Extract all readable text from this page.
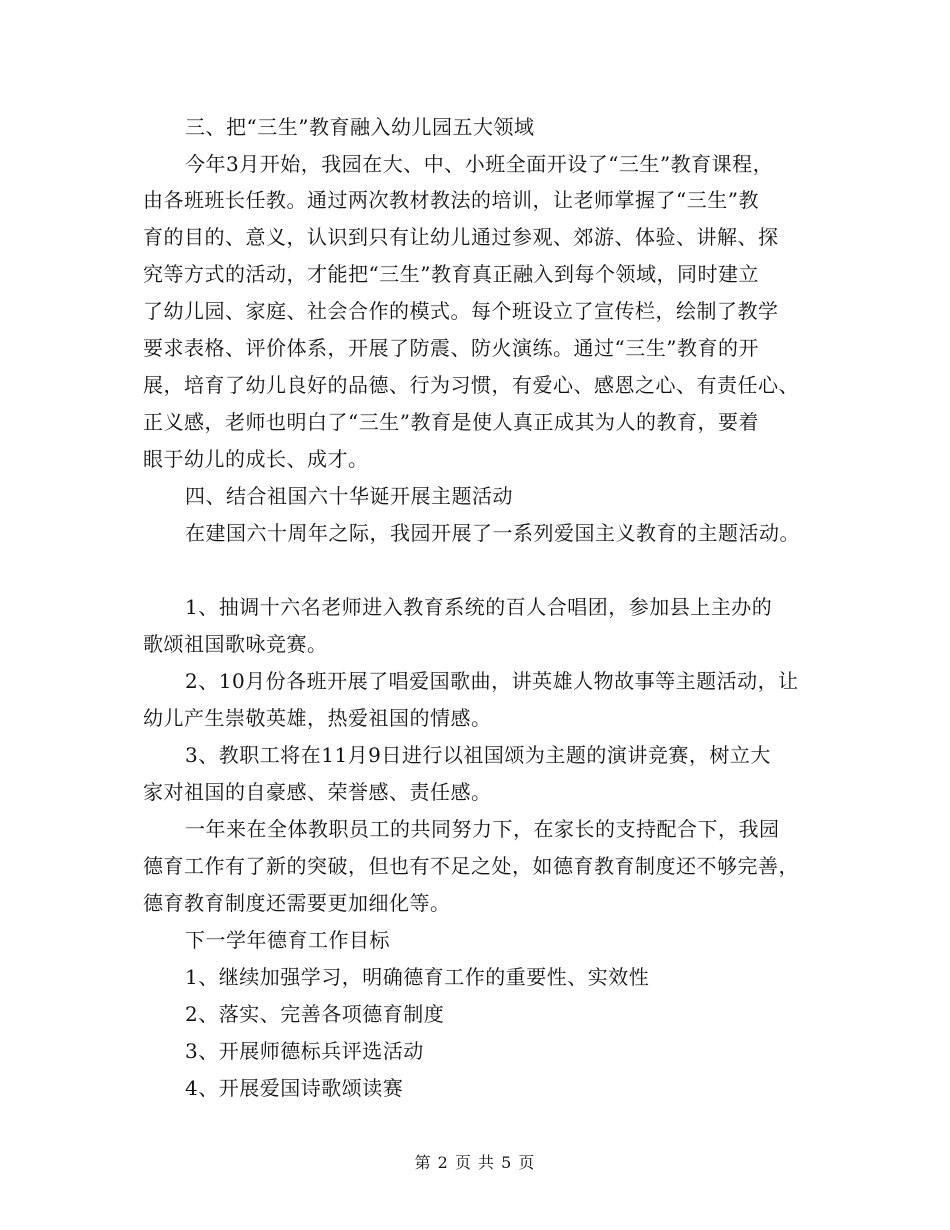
三、把“三生”教育融入幼儿园五大领域
今年3月开始，我园在大、中、小班全面开设了“三生”教育课程，
由各班班长任教。通过两次教材教法的培训，让老师掌握了“三生”教
育的目的、意义，认识到只有让幼儿通过参观、郊游、体验、讲解、探
究等方式的活动，才能把“三生”教育真正融入到每个领域，同时建立
了幼儿园、家庭、社会合作的模式。每个班设立了宣传栏，绘制了教学
要求表格、评价体系，开展了防震、防火演练。通过“三生”教育的开
展，培育了幼儿良好的品德、行为习惯，有爱心、感恩之心、有责任心、
正义感，老师也明白了“三生”教育是使人真正成其为人的教育，要着
眼于幼儿的成长、成才。
四、结合祖国六十华诞开展主题活动
在建国六十周年之际，我园开展了一系列爱国主义教育的主题活动。
1、抽调十六名老师进入教育系统的百人合唱团，参加县上主办的
歌颂祖国歌咏竞赛。
2、10月份各班开展了唱爱国歌曲，讲英雄人物故事等主题活动，让
幼儿产生崇敬英雄，热爱祖国的情感。
3、教职工将在11月9日进行以祖国颂为主题的演讲竞赛，树立大
家对祖国的自豪感、荣誉感、责任感。
一年来在全体教职员工的共同努力下，在家长的支持配合下，我园
德育工作有了新的突破，但也有不足之处，如德育教育制度还不够完善，
德育教育制度还需要更加细化等。
下一学年德育工作目标
1、继续加强学习，明确德育工作的重要性、实效性
2、落实、完善各项德育制度
3、开展师德标兵评选活动
4、开展爱国诗歌颂读赛
第 2 页 共 5 页
